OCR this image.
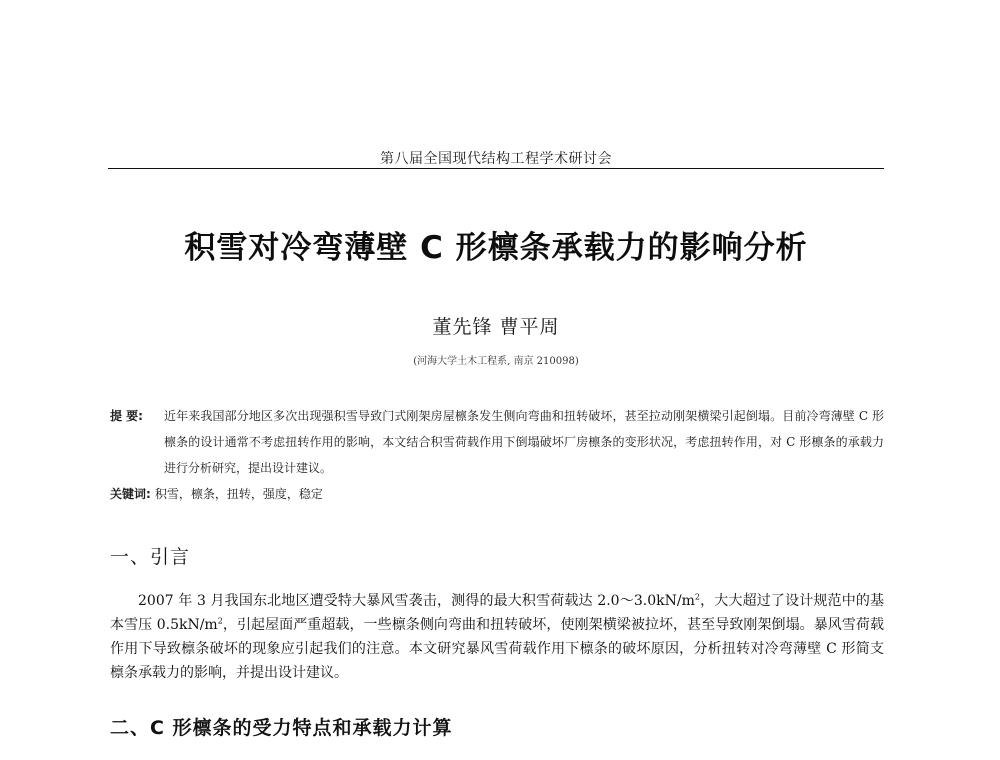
第八届全国现代结构工程学术研讨会
积雪对冷弯薄壁 C 形檩条承载力的影响分析
董先锋 曹平周
(河海大学土木工程系, 南京 210098)
提 要:	近年来我国部分地区多次出现强积雪导致门式刚架房屋檩条发生侧向弯曲和扭转破坏，甚至拉动刚架横梁引起倒塌。目前冷弯薄壁 C 形檩条的设计通常不考虑扭转作用的影响，本文结合积雪荷载作用下倒塌破坏厂房檩条的变形状况，考虑扭转作用，对 C 形檩条的承载力进行分析研究，提出设计建议。
关键词: 积雪，檩条，扭转，强度，稳定
一、引言
2007 年 3 月我国东北地区遭受特大暴风雪袭击，测得的最大积雪荷载达 $2.0\sim 3.0kN/m^2$，大大超过了设计规范中的基本雪压 $0.5kN/m^2$，引起屋面严重超载，一些檩条侧向弯曲和扭转破坏，使刚架横梁被拉坏，甚至导致刚架倒塌。暴风雪荷载作用下导致檩条破坏的现象应引起我们的注意。本文研究暴风雪荷载作用下檩条的破坏原因，分析扭转对冷弯薄壁 C 形简支檩条承载力的影响，并提出设计建议。
二、C 形檩条的受力特点和承载力计算
